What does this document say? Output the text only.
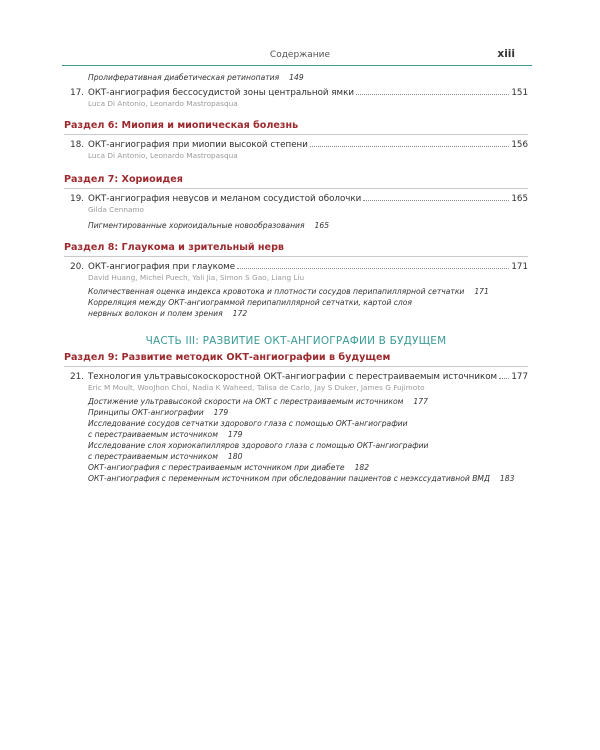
Содержание	xiii
Пролиферативная диабетическая ретинопатия 149
17. ОКТ-ангиография бессосудистой зоны центральной ямки	151
Luca Di Antonio, Leonardo Mastropasqua
Раздел 6: Миопия и миопическая болезнь
18. ОКТ-ангиография при миопии высокой степени	156
Luca Di Antonio, Leonardo Mastropasqua
Раздел 7: Хориоидея
19. ОКТ-ангиография невусов и меланом сосудистой оболочки	165
Gilda Cennamo
Пигментированные хориоидальные новообразования 165
Раздел 8: Глаукома и зрительный нерв
20. ОКТ-ангиография при глаукоме	171
David Huang, Michel Puech, Yali Jia, Simon S Gao, Liang Liu
Количественная оценка индекса кровотока и плотности сосудов перипапиллярной сетчатки 171
Корреляция между ОКТ-ангиограммой перипапиллярной сетчатки, картой слоя
нервных волокон и полем зрения 172
ЧАСТЬ III: РАЗВИТИЕ ОКТ-АНГИОГРАФИИ В БУДУЩЕМ
Раздел 9: Развитие методик ОКТ-ангиографии в будущем
21. Технология ультравысокоскоростной ОКТ-ангиографии с перестраиваемым источником 177
Eric M Moult, WooJhon Choi, Nadia K Waheed, Talisa de Carlo, Jay S Duker, James G Fujimoto
Достижение ультравысокой скорости на ОКТ с перестраиваемым источником 177
Принципы ОКТ-ангиографии 179
Исследование сосудов сетчатки здорового глаза с помощью ОКТ-ангиографии
с перестраиваемым источником 179
Исследование слоя хориокапилляров здорового глаза с помощью ОКТ-ангиографии
с перестраиваемым источником 180
ОКТ-ангиография с перестраиваемым источником при диабете 182
ОКТ-ангиография с переменным источником при обследовании пациентов с неэкссудативной ВМД 183
